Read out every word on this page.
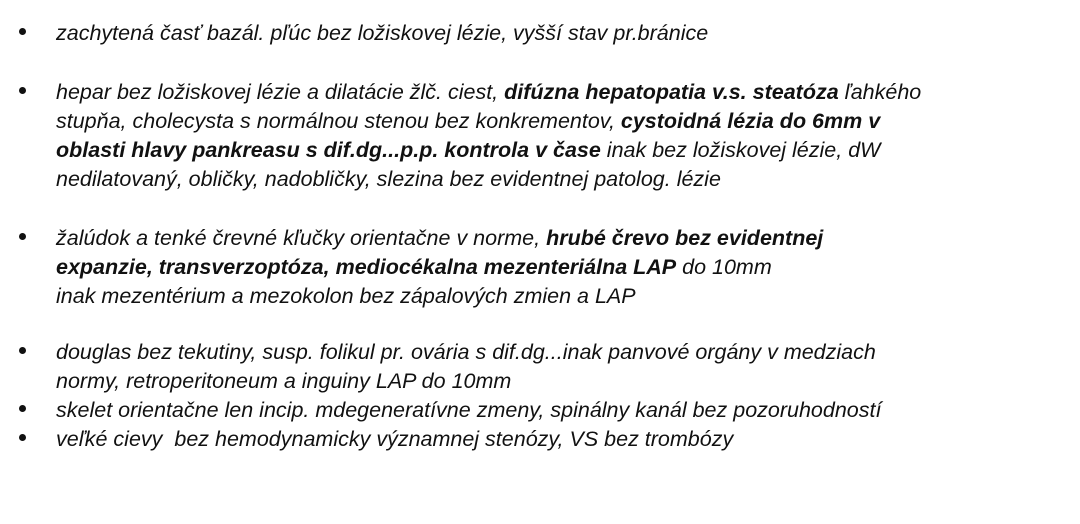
zachytená časť bazál. pľúc bez ložiskovej lézie, vyšší stav pr.bránice
hepar bez ložiskovej lézie a dilatácie žlč. ciest, difúzna hepatopatia v.s. steatóza ľahkého
stupňa, cholecysta s normálnou stenou bez konkrementov, cystoidná lézia do 6mm v
oblasti hlavy pankreasu s dif.dg...p.p. kontrola v čase inak bez ložiskovej lézie, dW
nedilatovaný, obličky, nadobličky, slezina bez evidentnej patolog. lézie
žalúdok a tenké črevné kľučky orientačne v norme, hrubé črevo bez evidentnej
expanzie, transverzoptóza, mediocékalna mezenteriálna LAP do 10mm
inak mezentérium a mezokolon bez zápalových zmien a LAP
douglas bez tekutiny, susp. folikul pr. ovária s dif.dg...inak panvové orgány v medziach
normy, retroperitoneum a inguiny LAP do 10mm
skelet orientačne len incip. mdegeneratívne zmeny, spinálny kanál bez pozoruhodností
veľké cievy  bez hemodynamicky významnej stenózy, VS bez trombózy
